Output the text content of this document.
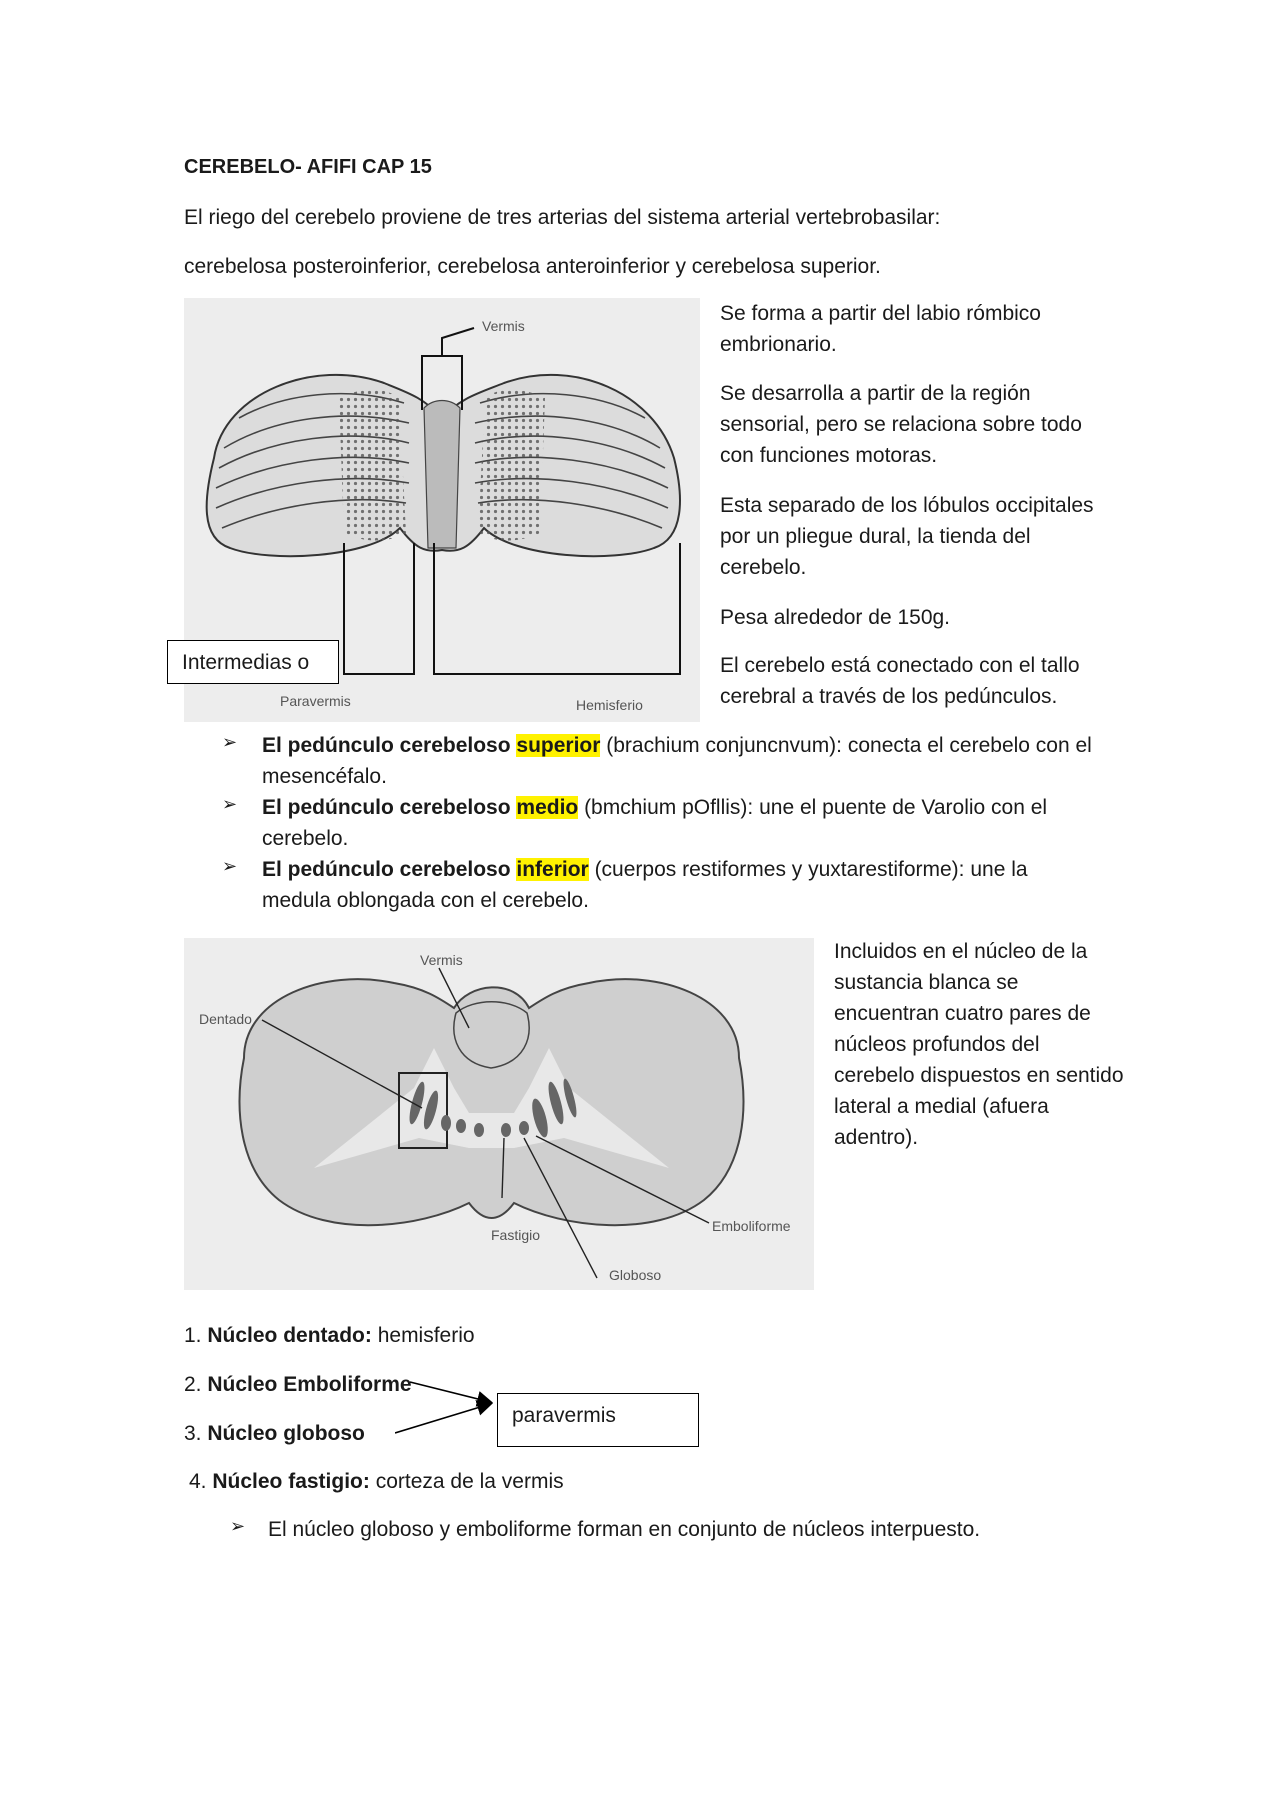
CEREBELO- AFIFI CAP 15
El riego del cerebelo proviene de tres arterias del sistema arterial vertebrobasilar:
cerebelosa posteroinferior, cerebelosa anteroinferior y cerebelosa superior.
Vermis
Paravermis	Hemisferio
Intermedias o
Se forma a partir del labio rómbico embrionario.
Se desarrolla a partir de la región sensorial, pero se relaciona sobre todo con funciones motoras.
Esta separado de los lóbulos occipitales por un pliegue dural, la tienda del cerebelo.
Pesa alrededor de 150g.
El cerebelo está conectado con el tallo cerebral a través de los pedúnculos.
➢ El pedúnculo cerebeloso superior (brachium conjuncnvum): conecta el cerebelo con el
mesencéfalo.
➢ El pedúnculo cerebeloso medio (bmchium pOfllis): une el puente de Varolio con el
cerebelo.
➢ El pedúnculo cerebeloso inferior (cuerpos restiformes y yuxtarestiforme): une la
medula oblongada con el cerebelo.
Vermis
Dentado
Fastigio
Emboliforme
Globoso
Incluidos en el núcleo de la sustancia blanca se encuentran cuatro pares de núcleos profundos del cerebelo dispuestos en sentido lateral a medial (afuera adentro).
1. Núcleo dentado: hemisferio
2. Núcleo Emboliforme
3. Núcleo globoso
4. Núcleo fastigio: corteza de la vermis
paravermis
➢ El núcleo globoso y emboliforme forman en conjunto de núcleos interpuesto.
